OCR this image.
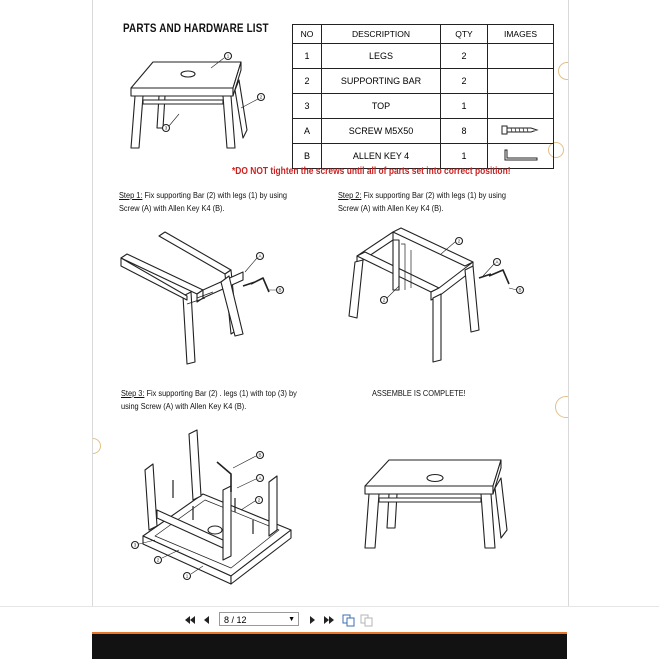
PARTS AND HARDWARE LIST	NO	DESCRIPTION	QTY	IMAGES
1	LEGS	2	
2	SUPPORTING BAR	2	
3	TOP	1	
A	SCREW M5X50	8	
B	ALLEN KEY 4	1	
*DO NOT tighten the screws until all of parts set into correct position!
Step 1: Fix supporting Bar (2) with legs (1) by using
Screw (A) with Allen Key K4 (B).
Step 2: Fix supporting Bar (2) with legs (1) by using
Screw (A) with Allen Key K4 (B).
Step 3: Fix supporting Bar (2) . legs (1) with top (3) by
using Screw (A) with Allen Key K4 (B).
ASSEMBLE IS COMPLETE!
1
2
3
A
B
2
2
A
B
B
A
2
3
2
1
8 / 12	▼
